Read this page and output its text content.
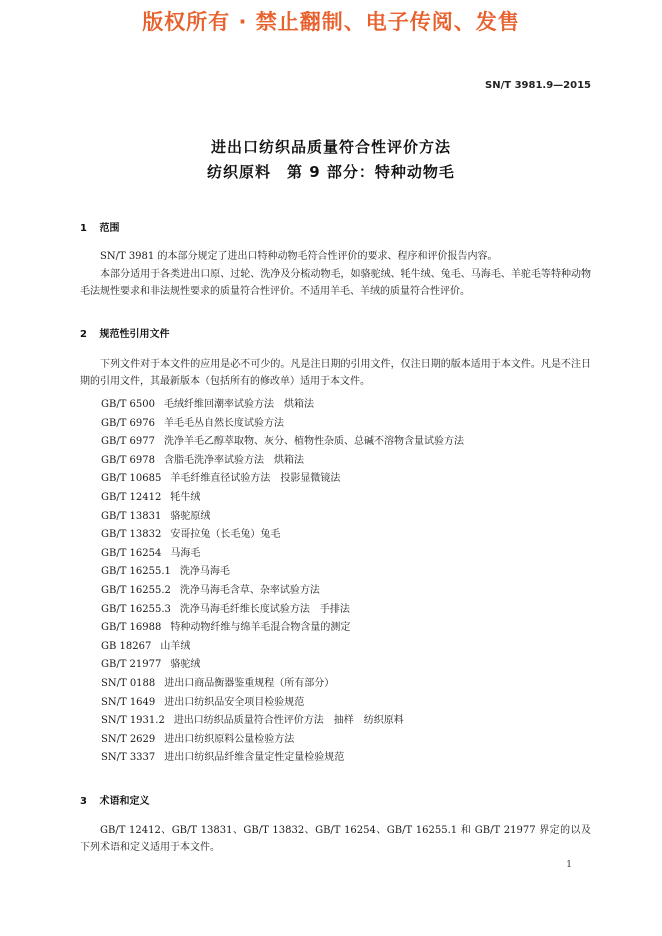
版权所有 · 禁止翻制、电子传阅、发售
SN/T 3981.9—2015
进出口纺织品质量符合性评价方法
纺织原料　第 9 部分：特种动物毛
1 范围
SN/T 3981 的本部分规定了进出口特种动物毛符合性评价的要求、程序和评价报告内容。
本部分适用于各类进出口原、过轮、洗净及分梳动物毛，如骆驼绒、牦牛绒、兔毛、马海毛、羊驼毛等特种动物毛法规性要求和非法规性要求的质量符合性评价。不适用羊毛、羊绒的质量符合性评价。
2 规范性引用文件
下列文件对于本文件的应用是必不可少的。凡是注日期的引用文件，仅注日期的版本适用于本文件。凡是不注日期的引用文件，其最新版本（包括所有的修改单）适用于本文件。
GB/T 6500 毛绒纤维回潮率试验方法　烘箱法
GB/T 6976 羊毛毛丛自然长度试验方法
GB/T 6977 洗净羊毛乙醇萃取物、灰分、植物性杂质、总碱不溶物含量试验方法
GB/T 6978 含脂毛洗净率试验方法　烘箱法
GB/T 10685 羊毛纤维直径试验方法　投影显微镜法
GB/T 12412 牦牛绒
GB/T 13831 骆驼原绒
GB/T 13832 安哥拉兔（长毛兔）兔毛
GB/T 16254 马海毛
GB/T 16255.1 洗净马海毛
GB/T 16255.2 洗净马海毛含草、杂率试验方法
GB/T 16255.3 洗净马海毛纤维长度试验方法　手排法
GB/T 16988 特种动物纤维与绵羊毛混合物含量的测定
GB 18267 山羊绒
GB/T 21977 骆驼绒
SN/T 0188 进出口商品衡器鉴重规程（所有部分）
SN/T 1649 进出口纺织品安全项目检验规范
SN/T 1931.2 进出口纺织品质量符合性评价方法　抽样　纺织原料
SN/T 2629 进出口纺织原料公量检验方法
SN/T 3337 进出口纺织品纤维含量定性定量检验规范
3 术语和定义
GB/T 12412、GB/T 13831、GB/T 13832、GB/T 16254、GB/T 16255.1 和 GB/T 21977 界定的以及下列术语和定义适用于本文件。
1
